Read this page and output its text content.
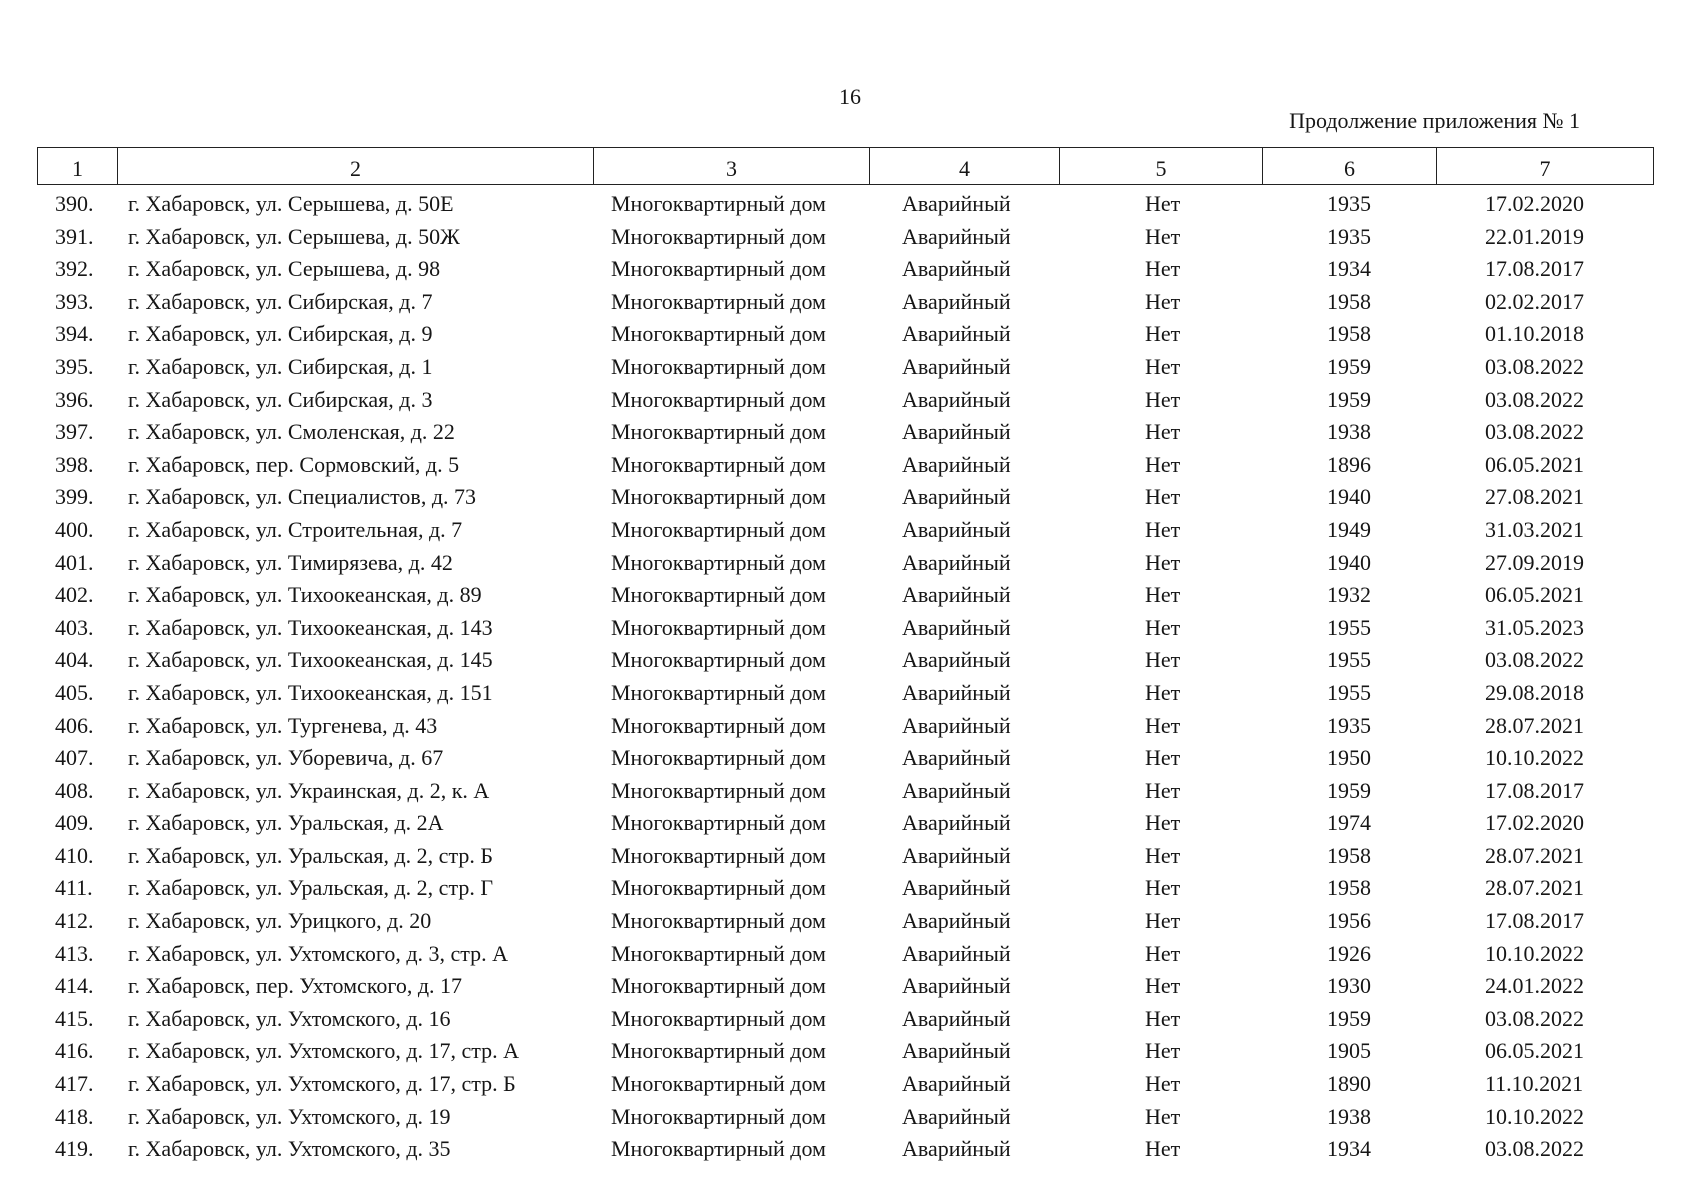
16
Продолжение приложения № 1
1	2	3	4	5	6	7
390. г. Хабаровск, ул. Серышева, д. 50Е	Многоквартирный дом	Аварийный	Нет	1935	17.02.2020
391. г. Хабаровск, ул. Серышева, д. 50Ж	Многоквартирный дом	Аварийный	Нет	1935	22.01.2019
392. г. Хабаровск, ул. Серышева, д. 98	Многоквартирный дом	Аварийный	Нет	1934	17.08.2017
393. г. Хабаровск, ул. Сибирская, д. 7	Многоквартирный дом	Аварийный	Нет	1958	02.02.2017
394. г. Хабаровск, ул. Сибирская, д. 9	Многоквартирный дом	Аварийный	Нет	1958	01.10.2018
395. г. Хабаровск, ул. Сибирская, д. 1	Многоквартирный дом	Аварийный	Нет	1959	03.08.2022
396. г. Хабаровск, ул. Сибирская, д. 3	Многоквартирный дом	Аварийный	Нет	1959	03.08.2022
397. г. Хабаровск, ул. Смоленская, д. 22	Многоквартирный дом	Аварийный	Нет	1938	03.08.2022
398. г. Хабаровск, пер. Сормовский, д. 5	Многоквартирный дом	Аварийный	Нет	1896	06.05.2021
399. г. Хабаровск, ул. Специалистов, д. 73	Многоквартирный дом	Аварийный	Нет	1940	27.08.2021
400. г. Хабаровск, ул. Строительная, д. 7	Многоквартирный дом	Аварийный	Нет	1949	31.03.2021
401. г. Хабаровск, ул. Тимирязева, д. 42	Многоквартирный дом	Аварийный	Нет	1940	27.09.2019
402. г. Хабаровск, ул. Тихоокеанская, д. 89	Многоквартирный дом	Аварийный	Нет	1932	06.05.2021
403. г. Хабаровск, ул. Тихоокеанская, д. 143	Многоквартирный дом	Аварийный	Нет	1955	31.05.2023
404. г. Хабаровск, ул. Тихоокеанская, д. 145	Многоквартирный дом	Аварийный	Нет	1955	03.08.2022
405. г. Хабаровск, ул. Тихоокеанская, д. 151	Многоквартирный дом	Аварийный	Нет	1955	29.08.2018
406. г. Хабаровск, ул. Тургенева, д. 43	Многоквартирный дом	Аварийный	Нет	1935	28.07.2021
407. г. Хабаровск, ул. Уборевича, д. 67	Многоквартирный дом	Аварийный	Нет	1950	10.10.2022
408. г. Хабаровск, ул. Украинская, д. 2, к. А	Многоквартирный дом	Аварийный	Нет	1959	17.08.2017
409. г. Хабаровск, ул. Уральская, д. 2А	Многоквартирный дом	Аварийный	Нет	1974	17.02.2020
410. г. Хабаровск, ул. Уральская, д. 2, стр. Б	Многоквартирный дом	Аварийный	Нет	1958	28.07.2021
411. г. Хабаровск, ул. Уральская, д. 2, стр. Г	Многоквартирный дом	Аварийный	Нет	1958	28.07.2021
412. г. Хабаровск, ул. Урицкого, д. 20	Многоквартирный дом	Аварийный	Нет	1956	17.08.2017
413. г. Хабаровск, ул. Ухтомского, д. 3, стр. А	Многоквартирный дом	Аварийный	Нет	1926	10.10.2022
414. г. Хабаровск, пер. Ухтомского, д. 17	Многоквартирный дом	Аварийный	Нет	1930	24.01.2022
415. г. Хабаровск, ул. Ухтомского, д. 16	Многоквартирный дом	Аварийный	Нет	1959	03.08.2022
416. г. Хабаровск, ул. Ухтомского, д. 17, стр. А	Многоквартирный дом	Аварийный	Нет	1905	06.05.2021
417. г. Хабаровск, ул. Ухтомского, д. 17, стр. Б	Многоквартирный дом	Аварийный	Нет	1890	11.10.2021
418. г. Хабаровск, ул. Ухтомского, д. 19	Многоквартирный дом	Аварийный	Нет	1938	10.10.2022
419. г. Хабаровск, ул. Ухтомского, д. 35	Многоквартирный дом	Аварийный	Нет	1934	03.08.2022
